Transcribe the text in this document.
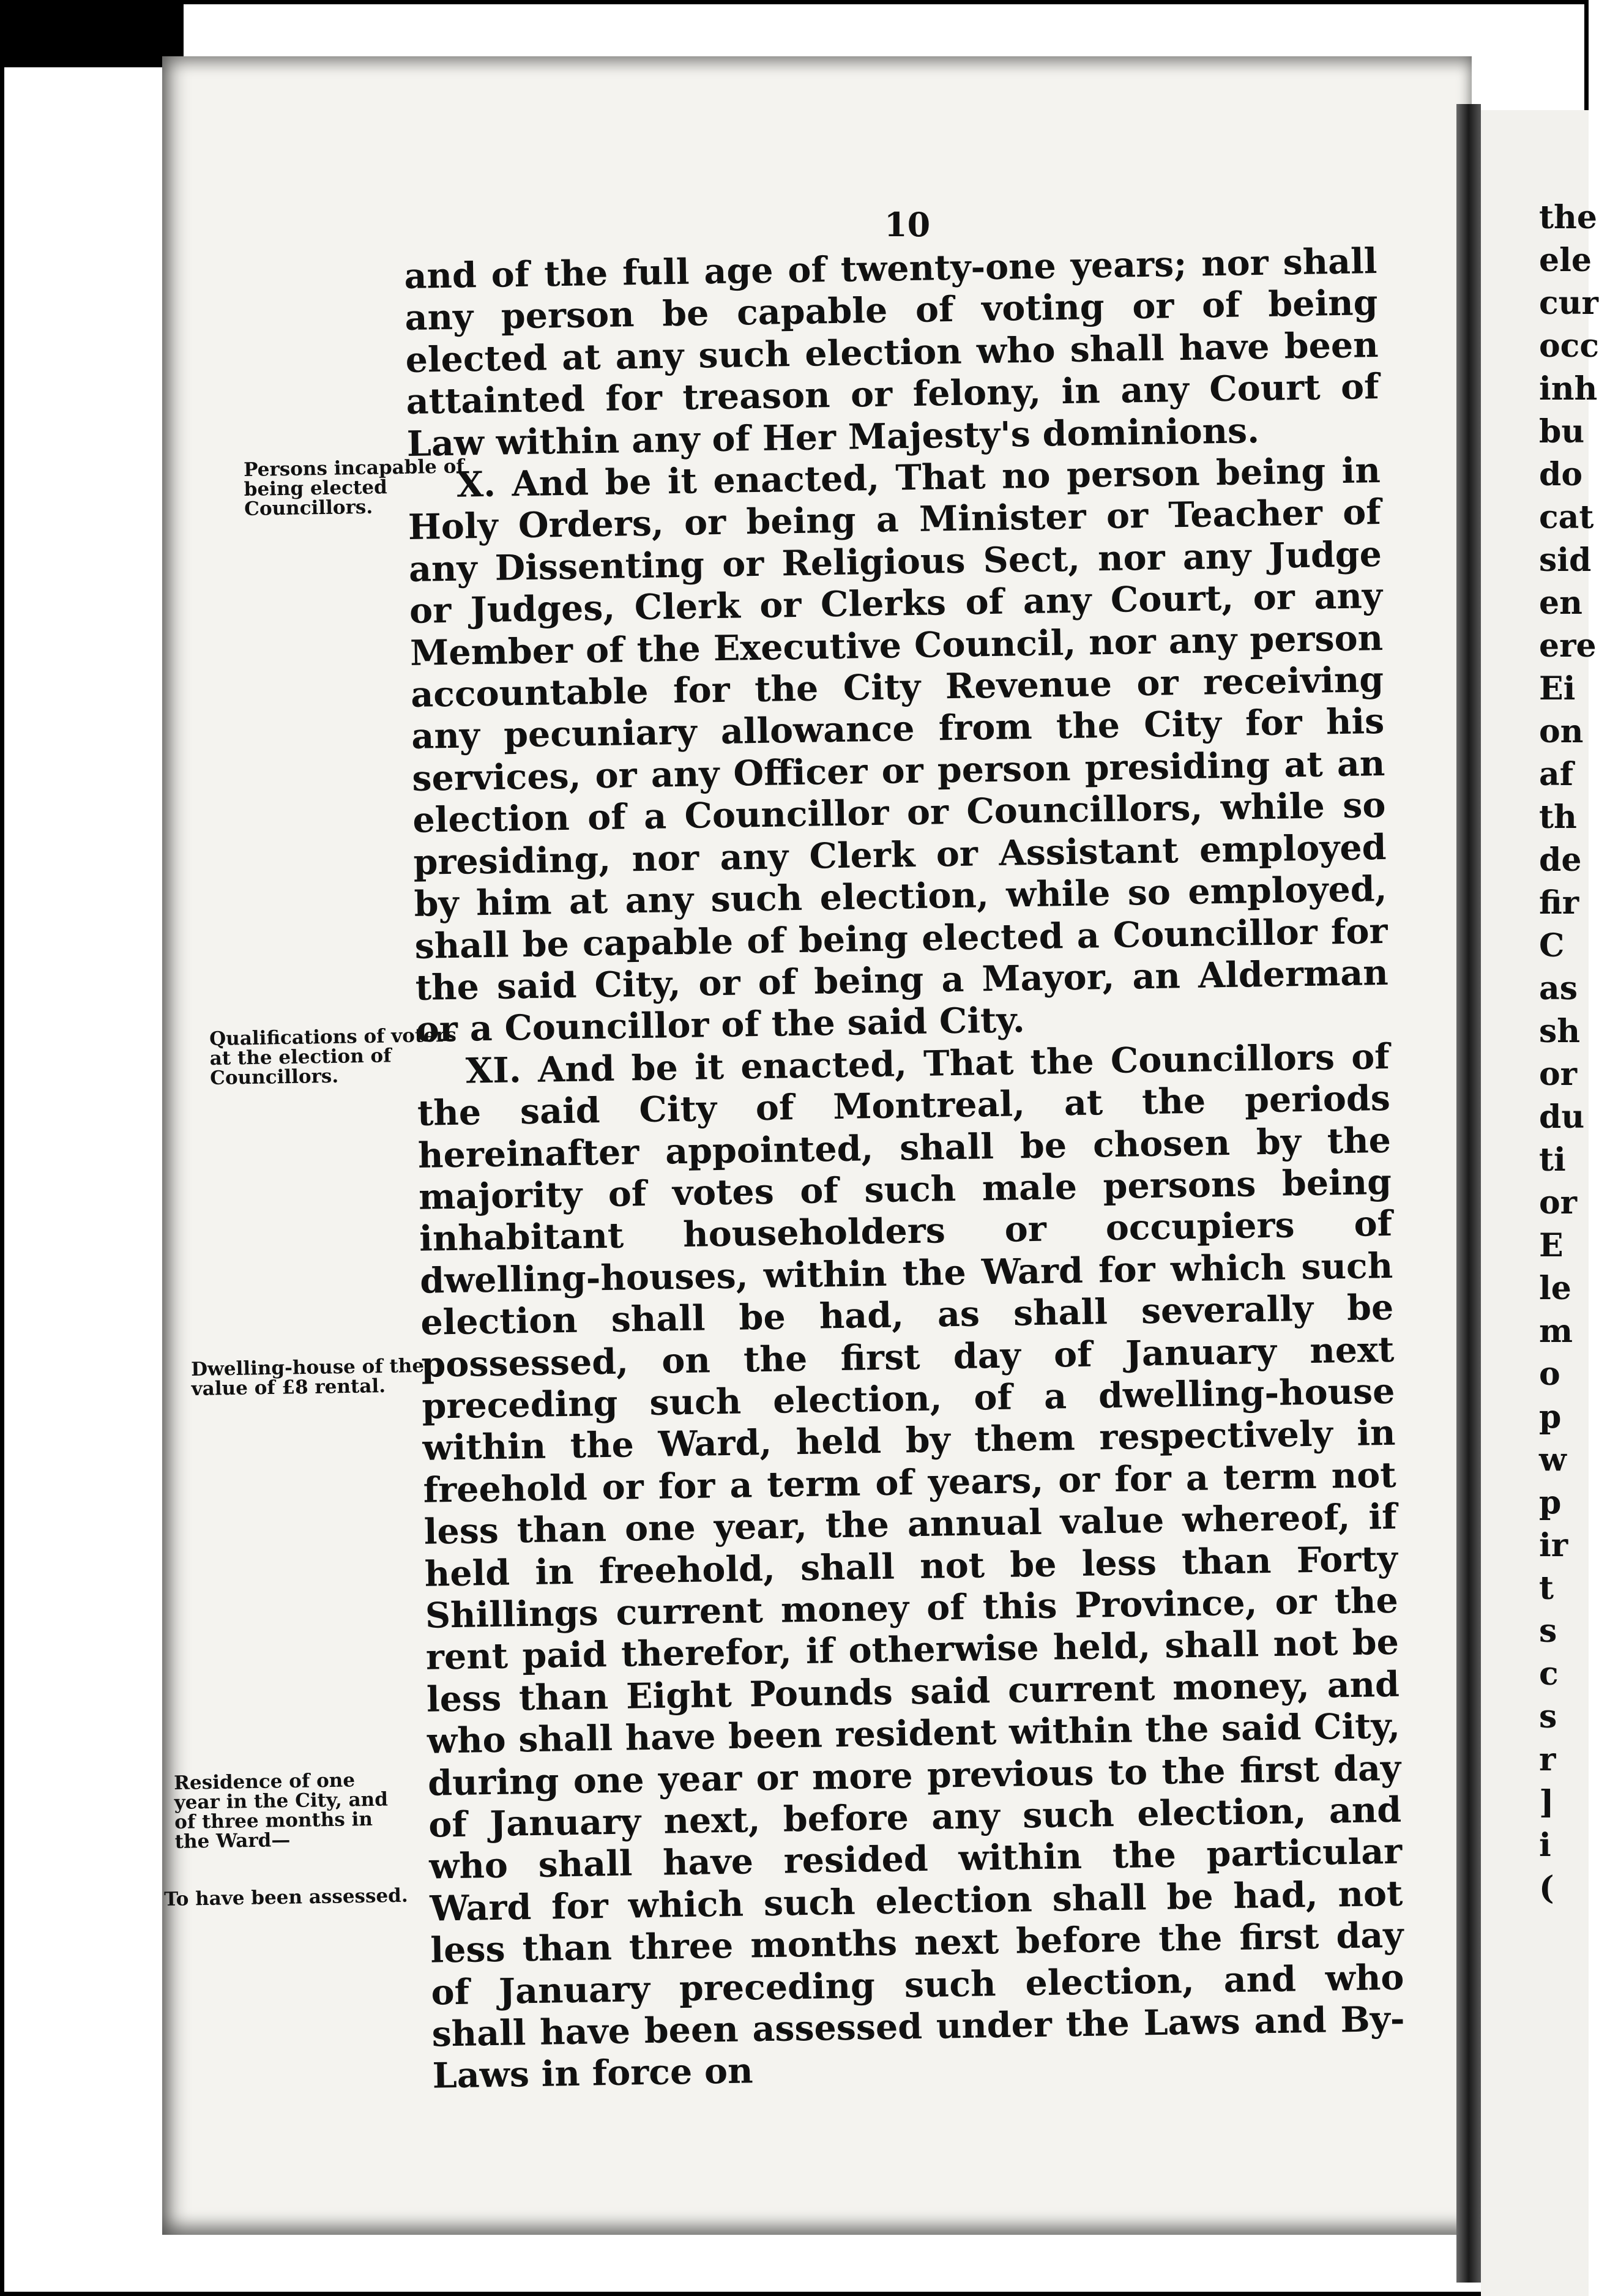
the
ele
cur
occ
inh
bu
do
cat
sid
en
ere
Ei
on
af
th
de
fir
C
as
sh
or
du
ti
or
E
le
m
o
p
w
p
ir
t
s
c
s
r
]
i
(
10

and of the full age of twenty-one years; nor shall any person be capable of voting or of being elected at any such election who shall have been attainted for treason or felony, in any Court of Law within any of Her Majesty's dominions.

X. And be it enacted, That no person being in Holy Orders, or being a Minister or Teacher of any Dissenting or Religious Sect, nor any Judge or Judges, Clerk or Clerks of any Court, or any Member of the Executive Council, nor any person accountable for the City Revenue or receiving any pecuniary allowance from the City for his services, or any Officer or person presiding at an election of a Councillor or Councillors, while so presiding, nor any Clerk or Assistant employed by him at any such election, while so employed, shall be capable of being elected a Councillor for the said City, or of being a Mayor, an Alderman or a Councillor of the said City.

XI. And be it enacted, That the Councillors of the said City of Montreal, at the periods hereinafter appointed, shall be chosen by the majority of votes of such male persons being inhabitant householders or occupiers of dwelling-houses, within the Ward for which such election shall be had, as shall severally be possessed, on the first day of January next preceding such election, of a dwelling-house within the Ward, held by them respectively in freehold or for a term of years, or for a term not less than one year, the annual value whereof, if held in freehold, shall not be less than Forty Shillings current money of this Province, or the rent paid therefor, if otherwise held, shall not be less than Eight Pounds said current money, and who shall have been resident within the said City, during one year or more previous to the first day of January next, before any such election, and who shall have resided within the particular Ward for which such election shall be had, not less than three months next before the first day of January preceding such election, and who shall have been assessed under the Laws and By-Laws in force on

Persons incapable of being elected Councillors.
Qualifications of voters at the election of Councillors.
Dwelling-house of the value of £8 rental.
Residence of one year in the City, and of three months in the Ward—
To have been assessed.
